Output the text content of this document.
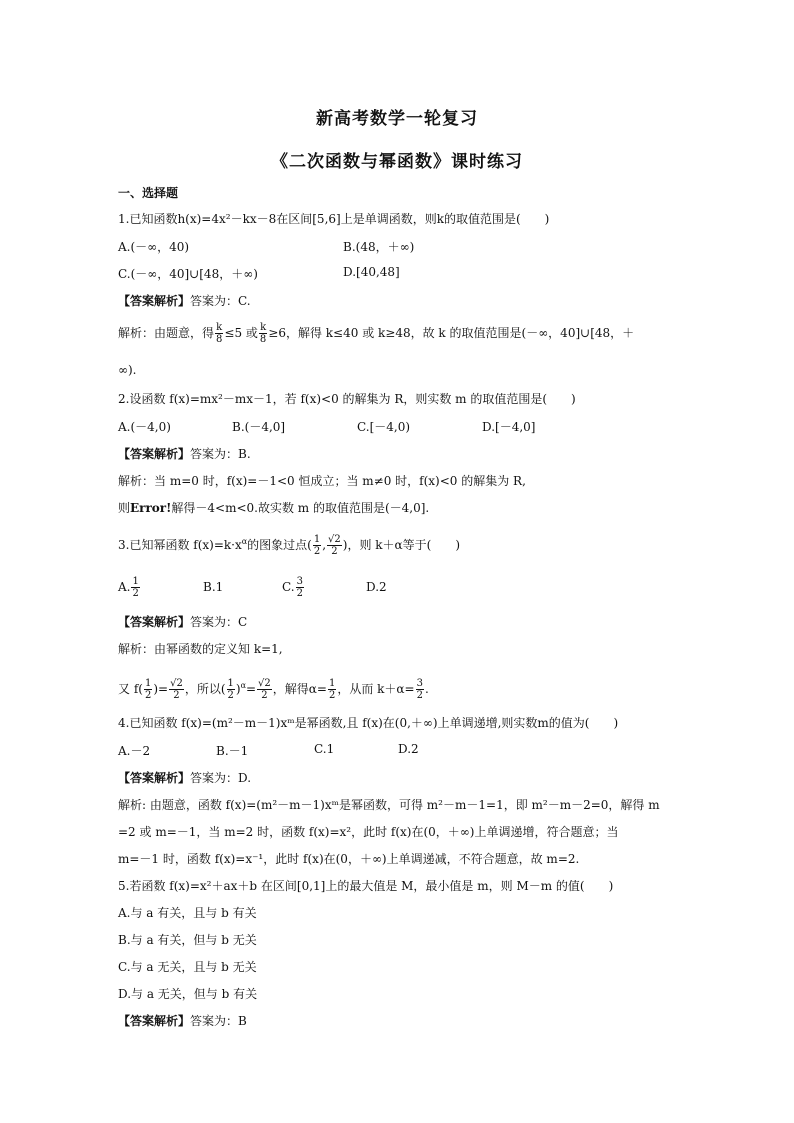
新高考数学一轮复习
《二次函数与幂函数》课时练习
一、选择题
1.已知函数h(x)=4x²－kx－8在区间[5,6]上是单调函数，则k的取值范围是(　　)
A.(－∞，40)	B.(48，＋∞)
C.(－∞，40]∪[48，＋∞)	D.[40,48]
【答案解析】答案为：C.
解析：由题意，得 $\frac{k}{8} \le 5$ 或 $\frac{k}{8} \ge 6$，解得 k≤40 或 k≥48，故 k 的取值范围是(－∞，40]∪[48，＋
∞).
2.设函数 f(x)=mx²－mx－1，若 f(x)<0 的解集为 R，则实数 m 的取值范围是(　　)
A.(－4,0)	B.(－4,0]	C.[－4,0)	D.[－4,0]
【答案解析】答案为：B.
解析：当 m=0 时，f(x)=－1<0 恒成立；当 m≠0 时，f(x)<0 的解集为 R,
则Error!解得－4<m<0.故实数 m 的取值范围是(－4,0].
3.已知幂函数 $f(x)=k\cdot x^\alpha$的图象过点( $\frac{1}{2}$ , $\frac{√2}{2}$ )，则 k＋α等于(　　)
A. $\frac{1}{2}$	B.1	C. $\frac{3}{2}$	D.2
【答案解析】答案为：C
解析：由幂函数的定义知 k=1,
又 $f( \frac{1}{2}$ )= $\frac{√2}{2}$ ，所以( $\frac{1}{2} )^\alpha= \frac{√2}{2}$ ，解得$\alpha= \frac{1}{2}$ ，从而 $k+\alpha= \frac{3}{2}$ .
4.已知函数 f(x)=(m²－m－1)xᵐ是幂函数,且 f(x)在(0,＋∞)上单调递增,则实数m的值为(　　)
A.－2	B.－1	C.1	D.2
【答案解析】答案为：D.
解析: 由题意，函数 f(x)=(m²－m－1)xᵐ是幂函数，可得 m²－m－1=1，即 m²－m－2=0，解得 m
=2 或 m=－1，当 m=2 时，函数 f(x)=x²，此时 f(x)在(0，＋∞)上单调递增，符合题意；当
m=－1 时，函数 f(x)=x⁻¹，此时 f(x)在(0，＋∞)上单调递减，不符合题意，故 m=2.
5.若函数 f(x)=x²＋ax＋b 在区间[0,1]上的最大值是 M，最小值是 m，则 M－m 的值(　　)
A.与 a 有关，且与 b 有关
B.与 a 有关，但与 b 无关
C.与 a 无关，且与 b 无关
D.与 a 无关，但与 b 有关
【答案解析】答案为：B
